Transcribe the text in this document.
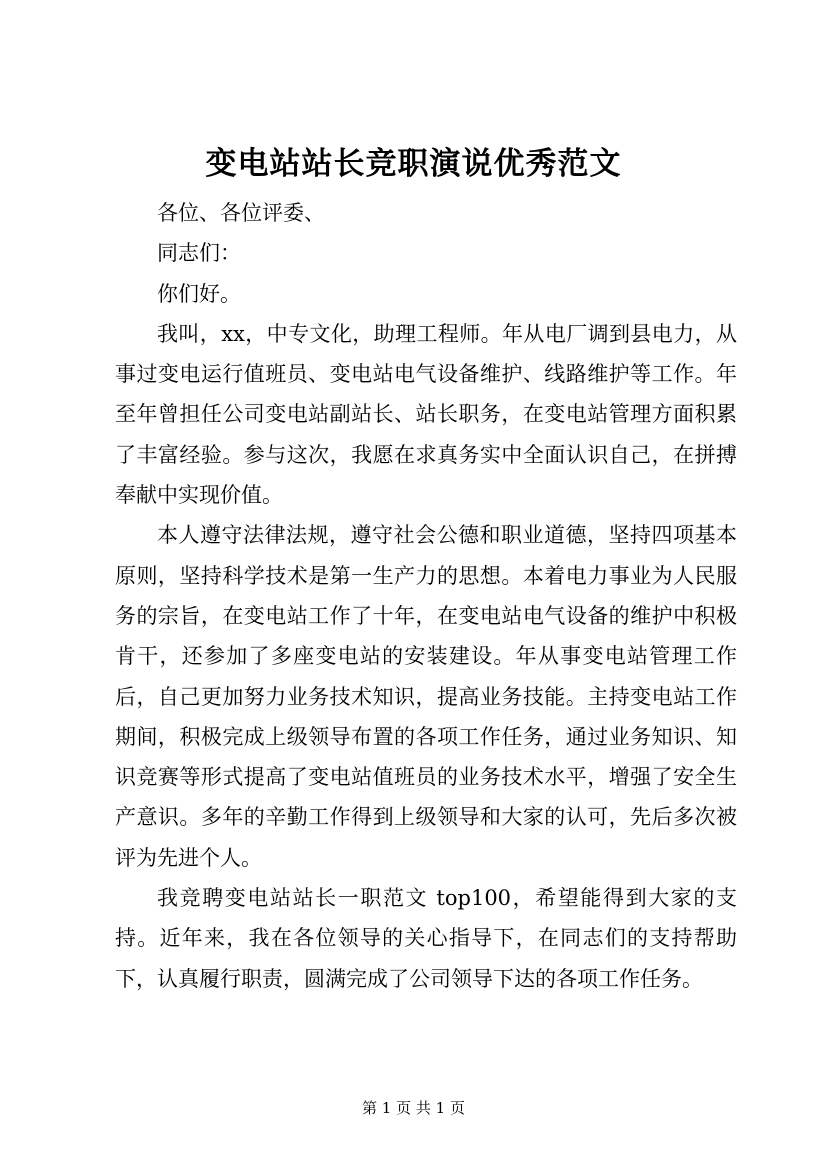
变电站站长竞职演说优秀范文

各位、各位评委、

同志们：

你们好。

我叫，xx，中专文化，助理工程师。年从电厂调到县电力，从事过变电运行值班员、变电站电气设备维护、线路维护等工作。年至年曾担任公司变电站副站长、站长职务，在变电站管理方面积累了丰富经验。参与这次，我愿在求真务实中全面认识自己，在拼搏奉献中实现价值。

本人遵守法律法规，遵守社会公德和职业道德，坚持四项基本原则，坚持科学技术是第一生产力的思想。本着电力事业为人民服务的宗旨，在变电站工作了十年，在变电站电气设备的维护中积极肯干，还参加了多座变电站的安装建设。年从事变电站管理工作后，自己更加努力业务技术知识，提高业务技能。主持变电站工作期间，积极完成上级领导布置的各项工作任务，通过业务知识、知识竞赛等形式提高了变电站值班员的业务技术水平，增强了安全生产意识。多年的辛勤工作得到上级领导和大家的认可，先后多次被评为先进个人。

我竞聘变电站站长一职范文 top100，希望能得到大家的支持。近年来，我在各位领导的关心指导下，在同志们的支持帮助下，认真履行职责，圆满完成了公司领导下达的各项工作任务。

第 1 页 共 1 页
